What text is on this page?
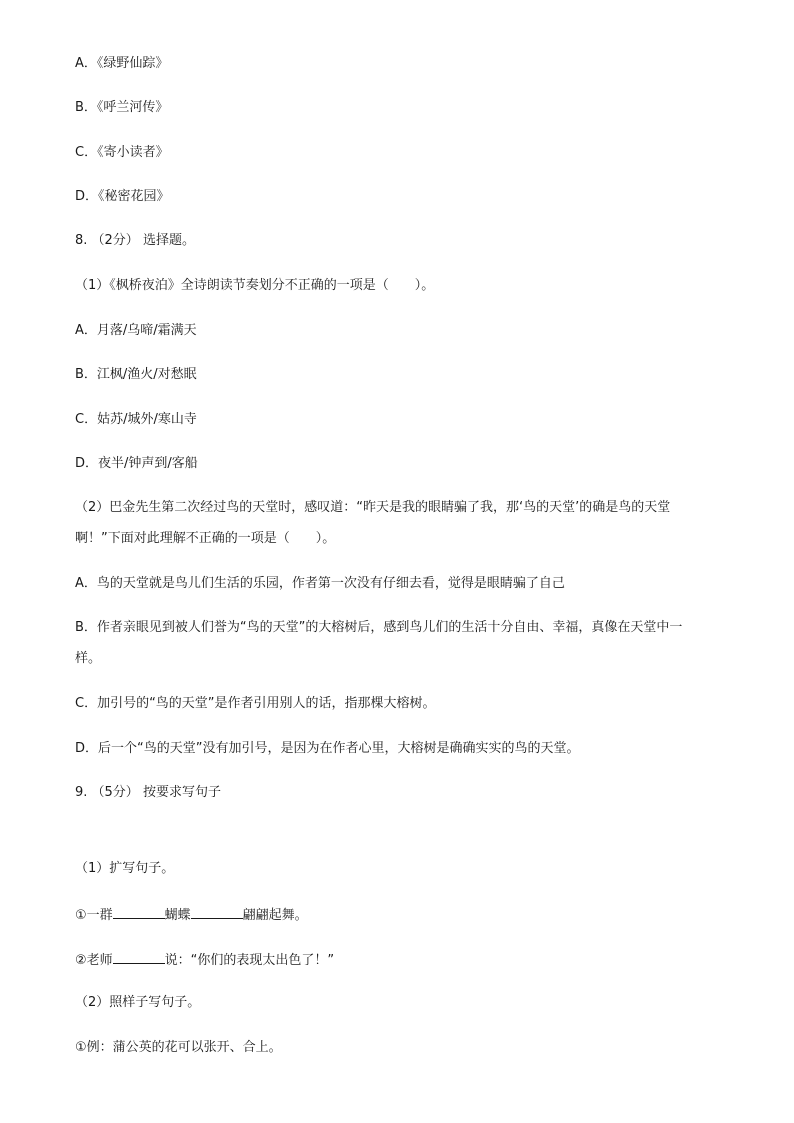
A．《绿野仙踪》
B．《呼兰河传》
C．《寄小读者》
D．《秘密花园》
8. （2分） 选择题。
（1）《枫桥夜泊》全诗朗读节奏划分不正确的一项是（　　）。
A．月落/乌啼/霜满天
B．江枫/渔火/对愁眠
C．姑苏/城外/寒山寺
D．夜半/钟声到/客船
（2）巴金先生第二次经过鸟的天堂时，感叹道：“昨天是我的眼睛骗了我，那‘鸟的天堂’的确是鸟的天堂
啊！”下面对此理解不正确的一项是（　　）。
A．鸟的天堂就是鸟儿们生活的乐园，作者第一次没有仔细去看，觉得是眼睛骗了自己
B．作者亲眼见到被人们誉为“鸟的天堂”的大榕树后，感到鸟儿们的生活十分自由、幸福，真像在天堂中一
样。
C．加引号的“鸟的天堂”是作者引用别人的话，指那棵大榕树。
D．后一个“鸟的天堂”没有加引号，是因为在作者心里，大榕树是确确实实的鸟的天堂。
9. （5分） 按要求写句子
（1）扩写句子。
①一群	蝴蝶	翩翩起舞。
②老师	说：“你们的表现太出色了！”
（2）照样子写句子。
①例：蒲公英的花可以张开、合上。
